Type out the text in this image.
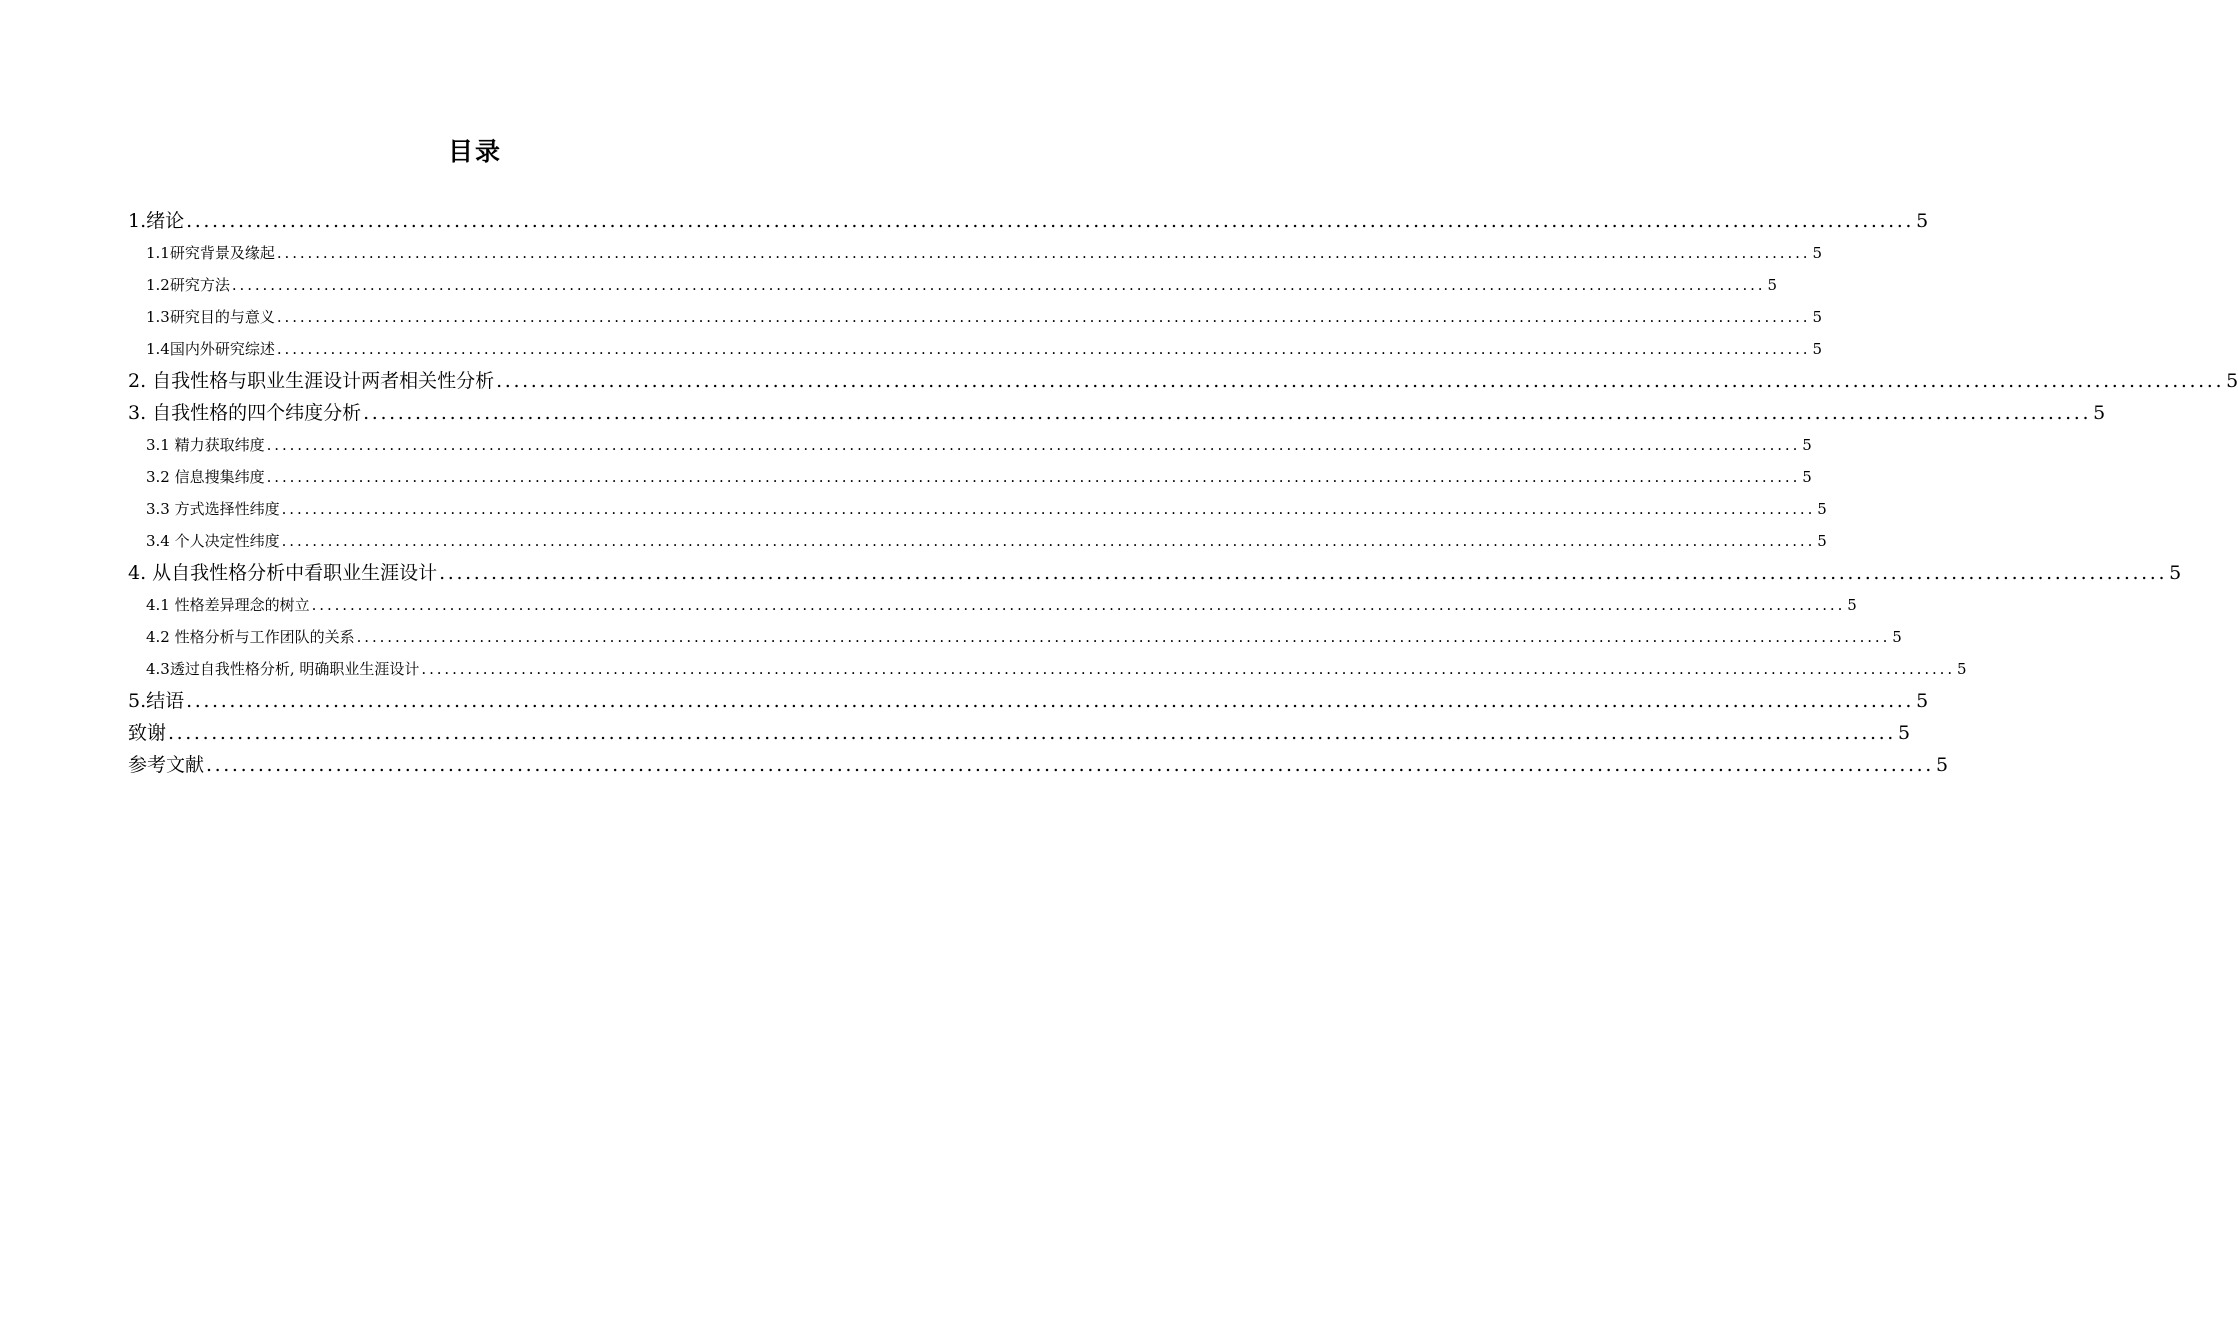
目录
1.绪论 ........................................................................................................................................................................................................ 5
1.1研究背景及缘起 ........................................................................................................................................................................................................ 5
1.2研究方法 ........................................................................................................................................................................................................ 5
1.3研究目的与意义 ........................................................................................................................................................................................................ 5
1.4国内外研究综述 ........................................................................................................................................................................................................ 5
2. 自我性格与职业生涯设计两者相关性分析 ........................................................................................................................................................................................................ 5
3. 自我性格的四个纬度分析 ........................................................................................................................................................................................................ 5
3.1 精力获取纬度 ........................................................................................................................................................................................................ 5
3.2 信息搜集纬度 ........................................................................................................................................................................................................ 5
3.3 方式选择性纬度 ........................................................................................................................................................................................................ 5
3.4 个人决定性纬度 ........................................................................................................................................................................................................ 5
4. 从自我性格分析中看职业生涯设计 ........................................................................................................................................................................................................ 5
4.1 性格差异理念的树立 ........................................................................................................................................................................................................ 5
4.2 性格分析与工作团队的关系 ........................................................................................................................................................................................................ 5
4.3透过自我性格分析, 明确职业生涯设计 ........................................................................................................................................................................................................ 5
5.结语 ........................................................................................................................................................................................................ 5
致谢 ........................................................................................................................................................................................................ 5
参考文献 ........................................................................................................................................................................................................ 5
